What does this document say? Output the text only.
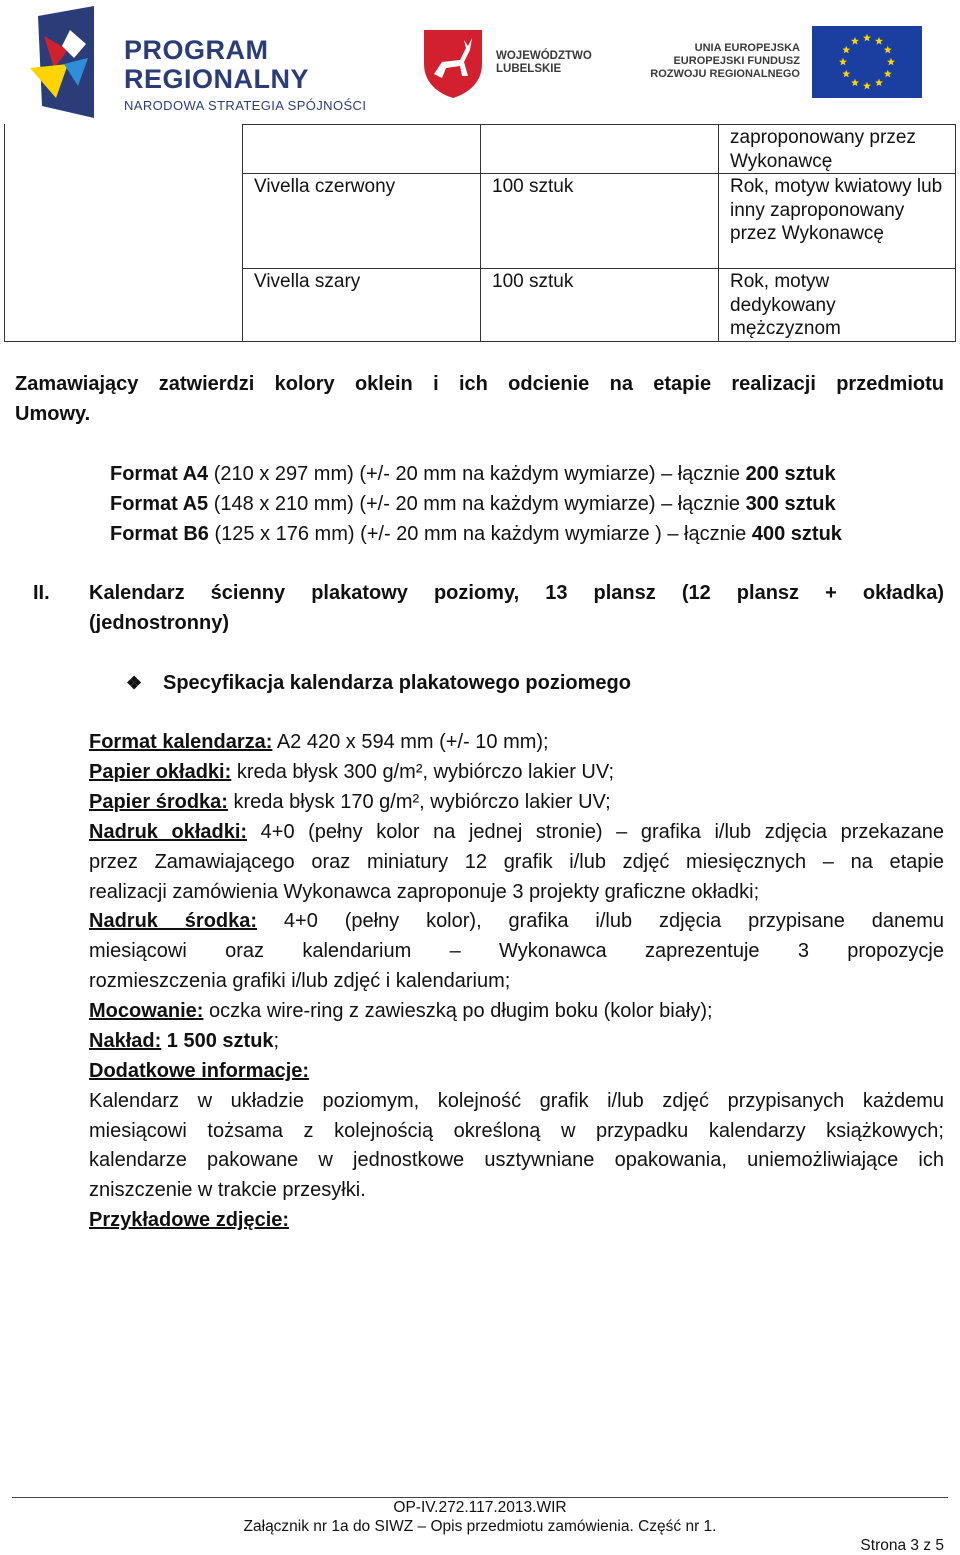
PROGRAM
REGIONALNY
NARODOWA STRATEGIA SPÓJNOŚCI
WOJEWÓDZTWO
LUBELSKIE
UNIA EUROPEJSKA
EUROPEJSKI FUNDUSZ
ROZWOJU REGIONALNEGO
zaproponowany przez Wykonawcę
Vivella czerwony	100 sztuk	Rok, motyw kwiatowy lub inny zaproponowany przez Wykonawcę
Vivella szary	100 sztuk	Rok, motyw dedykowany mężczyznom
Zamawiający zatwierdzi kolory oklein i ich odcienie na etapie realizacji przedmiotu
Umowy.
Format A4 (210 x 297 mm) (+/- 20 mm na każdym wymiarze) – łącznie 200 sztuk
Format A5 (148 x 210 mm) (+/- 20 mm na każdym wymiarze) – łącznie 300 sztuk
Format B6 (125 x 176 mm) (+/- 20 mm na każdym wymiarze ) – łącznie 400 sztuk
II. Kalendarz ścienny plakatowy poziomy, 13 plansz (12 plansz + okładka)
(jednostronny)
❖ Specyfikacja kalendarza plakatowego poziomego
Format kalendarza: A2 420 x 594 mm (+/- 10 mm);
Papier okładki: kreda błysk 300 g/m², wybiórczo lakier UV;
Papier środka: kreda błysk 170 g/m², wybiórczo lakier UV;
Nadruk okładki: 4+0 (pełny kolor na jednej stronie) – grafika i/lub zdjęcia przekazane
przez Zamawiającego oraz miniatury 12 grafik i/lub zdjęć miesięcznych – na etapie
realizacji zamówienia Wykonawca zaproponuje 3 projekty graficzne okładki;
Nadruk środka: 4+0 (pełny kolor), grafika i/lub zdjęcia przypisane danemu
miesiącowi oraz kalendarium – Wykonawca zaprezentuje 3 propozycje
rozmieszczenia grafiki i/lub zdjęć i kalendarium;
Mocowanie: oczka wire-ring z zawieszką po długim boku (kolor biały);
Nakład: 1 500 sztuk;
Dodatkowe informacje:
Kalendarz w układzie poziomym, kolejność grafik i/lub zdjęć przypisanych każdemu
miesiącowi tożsama z kolejnością określoną w przypadku kalendarzy książkowych;
kalendarze pakowane w jednostkowe usztywniane opakowania, uniemożliwiające ich
zniszczenie w trakcie przesyłki.
Przykładowe zdjęcie:
OP-IV.272.117.2013.WIR
Załącznik nr 1a do SIWZ – Opis przedmiotu zamówienia. Część nr 1.
Strona 3 z 5
